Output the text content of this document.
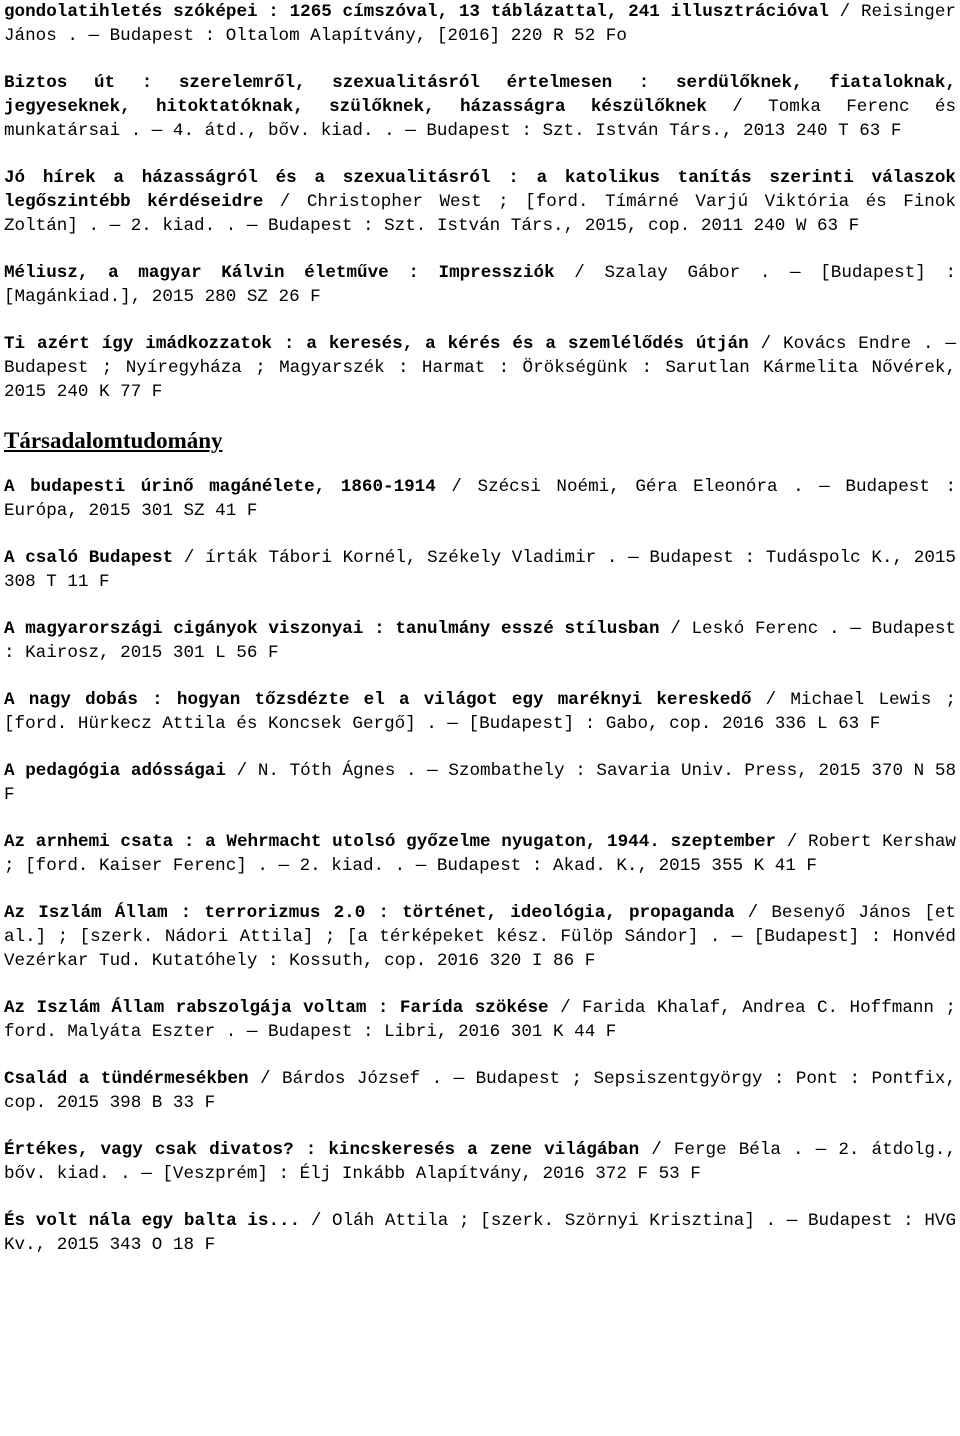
gondolatihletés szóképei : 1265 címszóval, 13 táblázattal, 241 illusztrációval / Reisinger János . — Budapest : Oltalom Alapítvány, [2016] 220 R 52 Fo
Biztos út : szerelemről, szexualitásról értelmesen : serdülőknek, fiataloknak, jegyeseknek, hitoktatóknak, szülőknek, házasságra készülőknek / Tomka Ferenc és munkatársai . — 4. átd., bőv. kiad. . — Budapest : Szt. István Társ., 2013 240 T 63 F
Jó hírek a házasságról és a szexualitásról : a katolikus tanítás szerinti válaszok legőszintébb kérdéseidre / Christopher West ; [ford. Tímárné Varjú Viktória és Finok Zoltán] . — 2. kiad. . — Budapest : Szt. István Társ., 2015, cop. 2011 240 W 63 F
Méliusz, a magyar Kálvin életműve : Impressziók / Szalay Gábor . — [Budapest] : [Magánkiad.], 2015 280 SZ 26 F
Ti azért így imádkozzatok : a keresés, a kérés és a szemlélődés útján / Kovács Endre . — Budapest ; Nyíregyháza ; Magyarszék : Harmat : Örökségünk : Sarutlan Kármelita Nővérek, 2015 240 K 77 F
Társadalomtudomány
A budapesti úrinő magánélete, 1860-1914 / Szécsi Noémi, Géra Eleonóra . — Budapest : Európa, 2015 301 SZ 41 F
A csaló Budapest / írták Tábori Kornél, Székely Vladimir . — Budapest : Tudáspolc K., 2015 308 T 11 F
A magyarországi cigányok viszonyai : tanulmány esszé stílusban / Leskó Ferenc . — Budapest : Kairosz, 2015 301 L 56 F
A nagy dobás : hogyan tőzsdézte el a világot egy maréknyi kereskedő / Michael Lewis ; [ford. Hürkecz Attila és Koncsek Gergő] . — [Budapest] : Gabo, cop. 2016 336 L 63 F
A pedagógia adósságai / N. Tóth Ágnes . — Szombathely : Savaria Univ. Press, 2015 370 N 58 F
Az arnhemi csata : a Wehrmacht utolsó győzelme nyugaton, 1944. szeptember / Robert Kershaw ; [ford. Kaiser Ferenc] . — 2. kiad. . — Budapest : Akad. K., 2015 355 K 41 F
Az Iszlám Állam : terrorizmus 2.0 : történet, ideológia, propaganda / Besenyő János [et al.] ; [szerk. Nádori Attila] ; [a térképeket kész. Fülöp Sándor] . — [Budapest] : Honvéd Vezérkar Tud. Kutatóhely : Kossuth, cop. 2016 320 I 86 F
Az Iszlám Állam rabszolgája voltam : Farída szökése / Farida Khalaf, Andrea C. Hoffmann ; ford. Malyáta Eszter . — Budapest : Libri, 2016 301 K 44 F
Család a tündérmesékben / Bárdos József . — Budapest ; Sepsiszentgyörgy : Pont : Pontfix, cop. 2015 398 B 33 F
Értékes, vagy csak divatos? : kincskeresés a zene világában / Ferge Béla . — 2. átdolg., bőv. kiad. . — [Veszprém] : Élj Inkább Alapítvány, 2016 372 F 53 F
És volt nála egy balta is... / Oláh Attila ; [szerk. Szörnyi Krisztina] . — Budapest : HVG Kv., 2015 343 O 18 F
